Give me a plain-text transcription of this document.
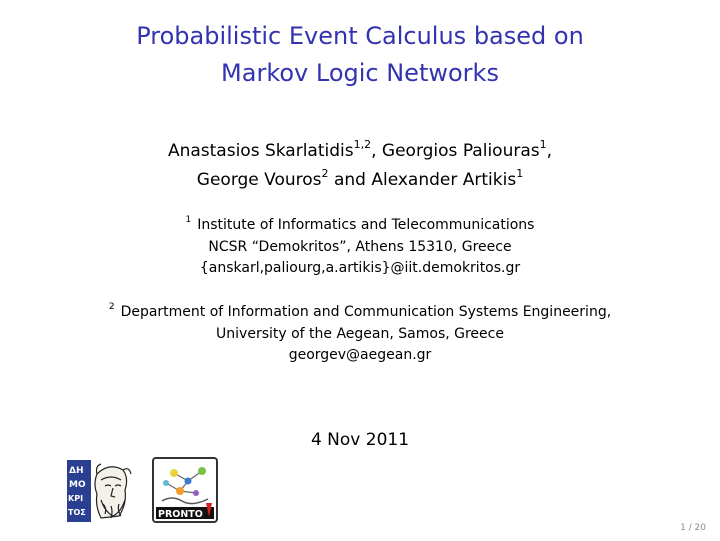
Probabilistic Event Calculus based on
Markov Logic Networks
Anastasios Skarlatidis$^{1,2}$, Georgios Paliouras$^1$,
George Vouros$^2$ and Alexander Artikis$^1$
$^1$ Institute of Informatics and Telecommunications
NCSR “Demokritos”, Athens 15310, Greece
{anskarl,paliourg,a.artikis}@iit.demokritos.gr
$^2$ Department of Information and Communication Systems Engineering,
University of the Aegean, Samos, Greece
georgev@aegean.gr
4 Nov 2011
ΔΗ
ΜΟ
ΚΡΙ
ΤΟΣ	PRONTO
1 / 20
